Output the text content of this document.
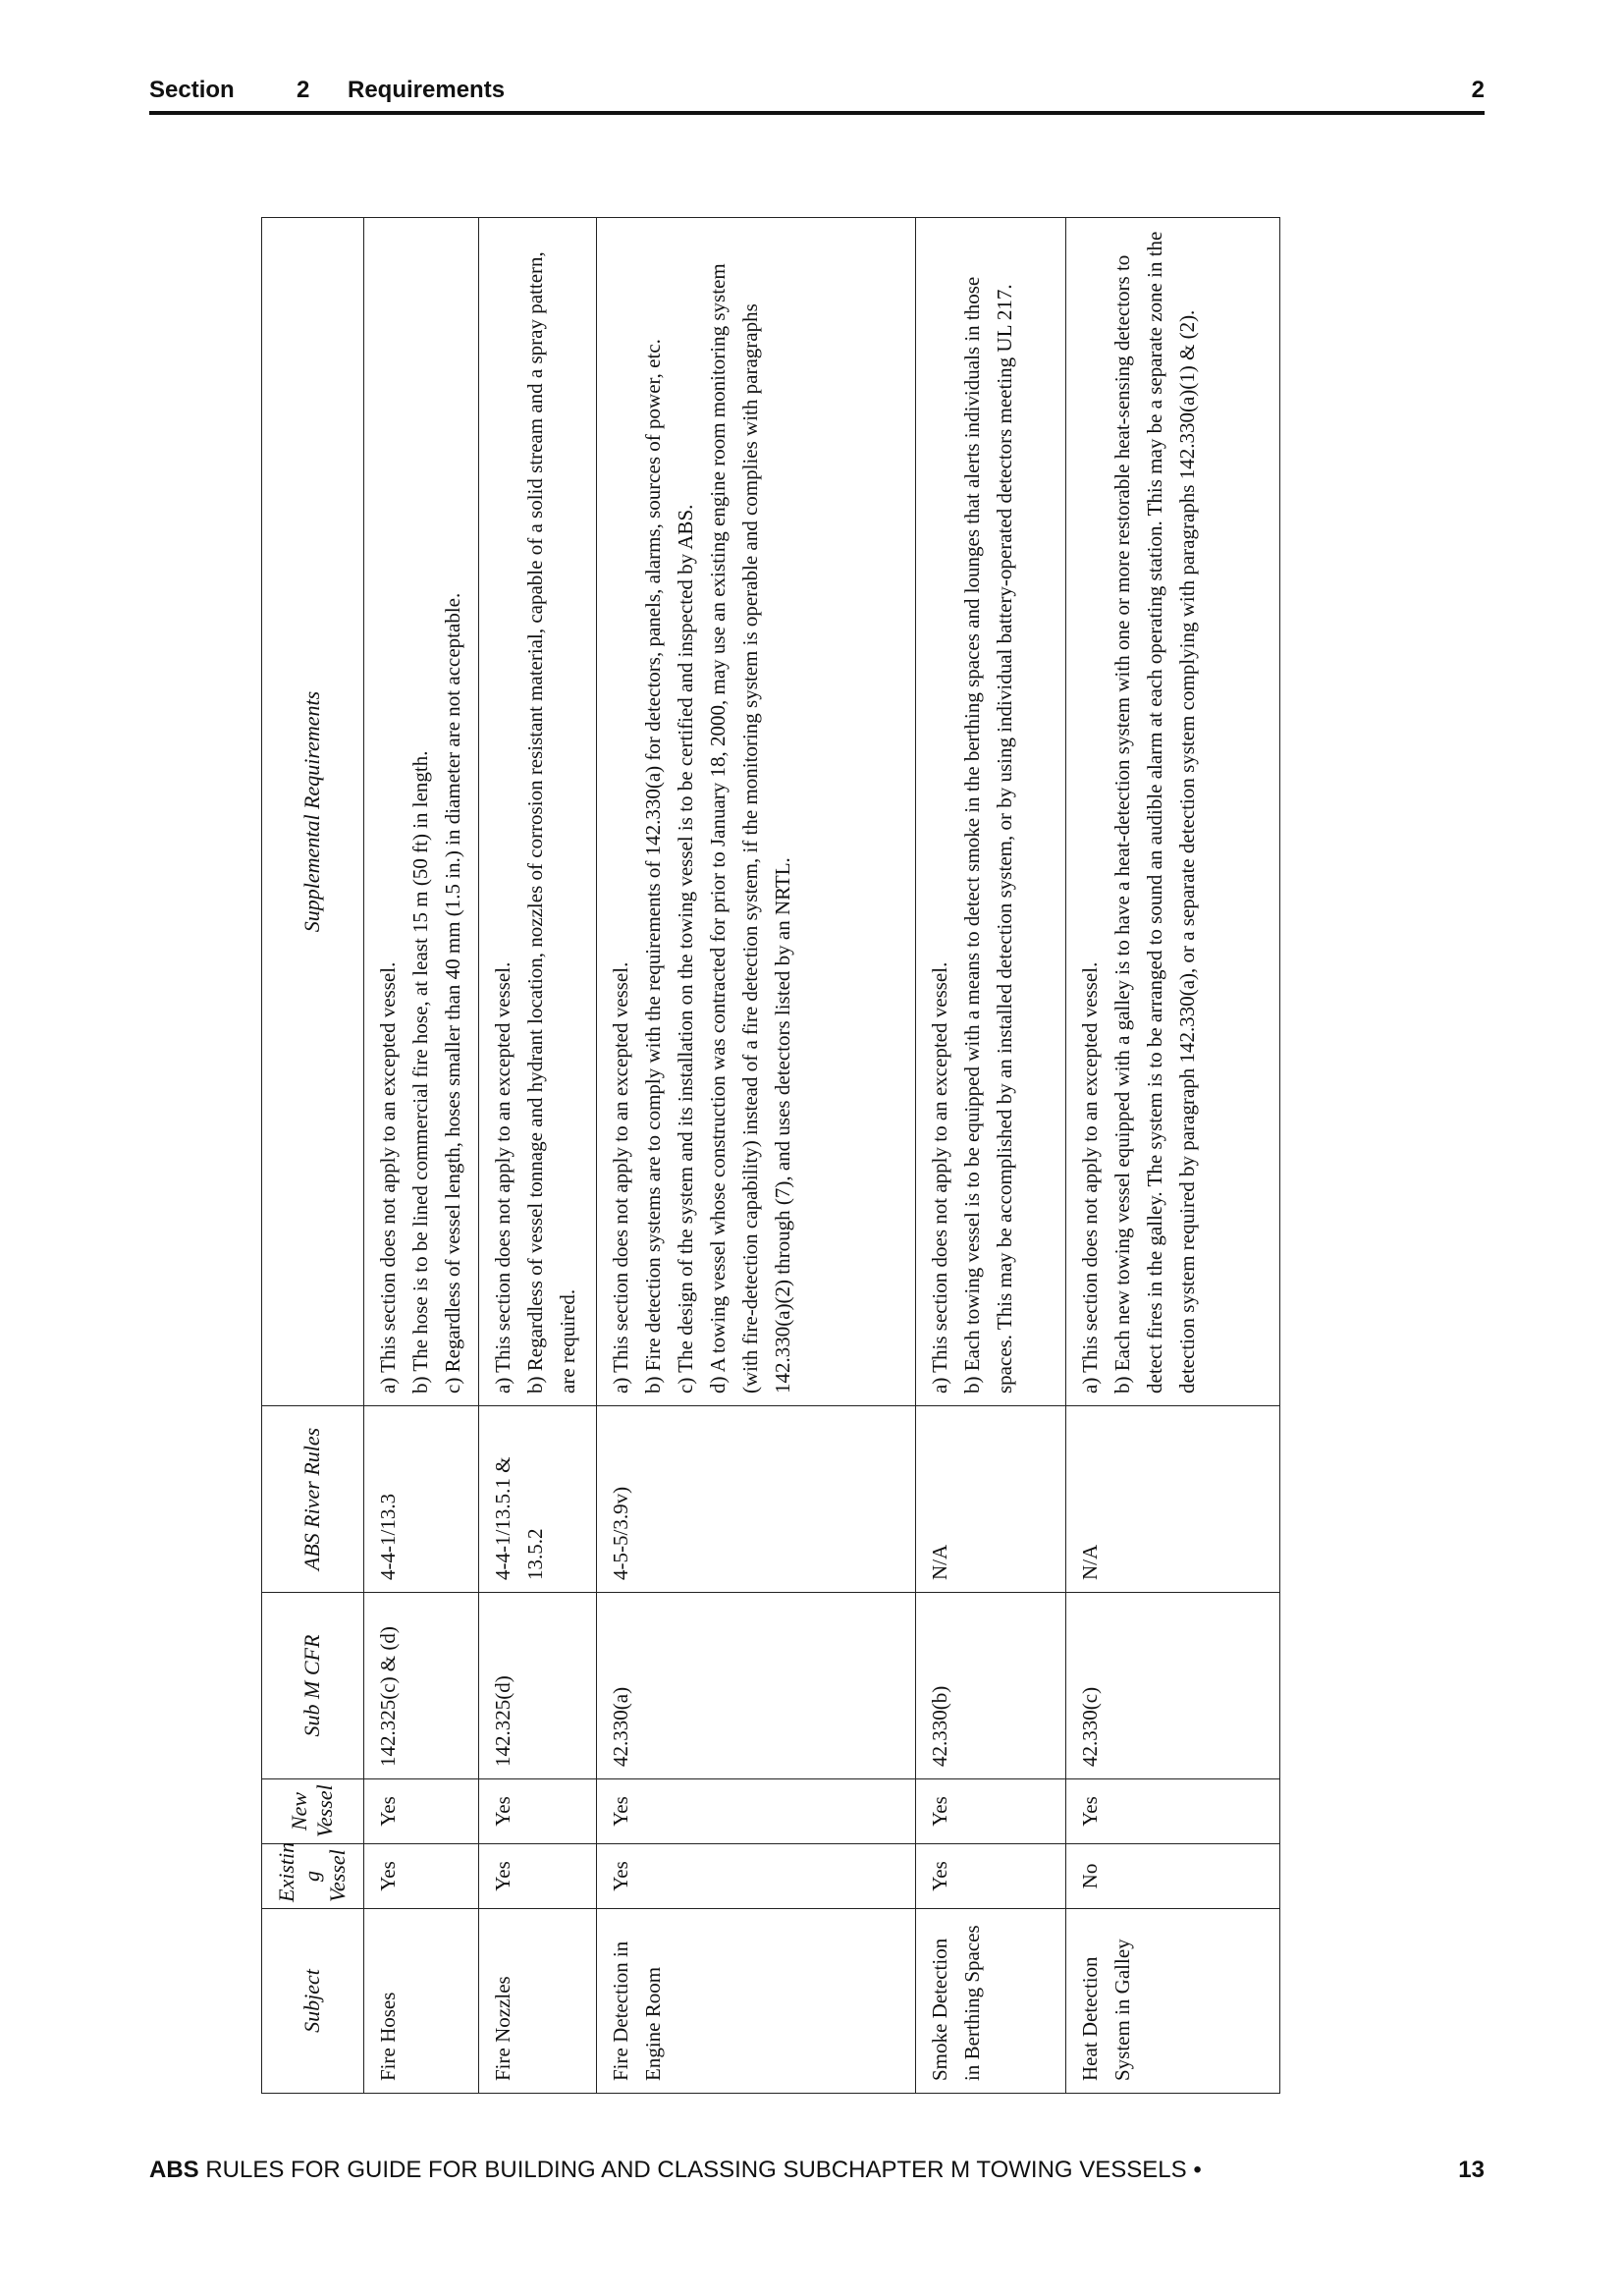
Section	2 Requirements	2
Subject	Existin g Vessel	New Vessel	Sub M CFR	ABS River Rules	Supplemental Requirements
Fire Hoses	Yes	Yes	142.325(c) & (d)	4-4-1/13.3	a) This section does not apply to an excepted vessel. b) The hose is to be lined commercial fire hose, at least 15 m (50 ft) in length. c) Regardless of vessel length, hoses smaller than 40 mm (1.5 in.) in diameter are not acceptable.

Fire Nozzles	Yes	Yes	142.325(d)	4-4-1/13.5.1 & 13.5.2	a) This section does not apply to an excepted vessel. b) Regardless of vessel tonnage and hydrant location, nozzles of corrosion resistant material, capable of a solid stream and a spray pattern, are required.

Fire Detection in Engine Room	Yes	Yes	42.330(a)	4-5-5/3.9v)	a) This section does not apply to an excepted vessel. b) Fire detection systems are to comply with the requirements of 142.330(a) for detectors, panels, alarms, sources of power, etc. c) The design of the system and its installation on the towing vessel is to be certified and inspected by ABS. d) A towing vessel whose construction was contracted for prior to January 18, 2000, may use an existing engine room monitoring system (with fire-detection capability) instead of a fire detection system, if the monitoring system is operable and complies with paragraphs 142.330(a)(2) through (7), and uses detectors listed by an NRTL.

Smoke Detection in Berthing Spaces	Yes	Yes	42.330(b)	N/A	a) This section does not apply to an excepted vessel. b) Each towing vessel is to be equipped with a means to detect smoke in the berthing spaces and lounges that alerts individuals in those spaces. This may be accomplished by an installed detection system, or by using individual battery-operated detectors meeting UL 217.

Heat Detection System in Galley	No	Yes	42.330(c)	N/A	a) This section does not apply to an excepted vessel. b) Each new towing vessel equipped with a galley is to have a heat-detection system with one or more restorable heat-sensing detectors to detect fires in the galley. The system is to be arranged to sound an audible alarm at each operating station. This may be a separate zone in the detection system required by paragraph 142.330(a), or a separate detection system complying with paragraphs 142.330(a)(1) & (2).
ABS RULES FOR GUIDE FOR BUILDING AND CLASSING SUBCHAPTER M TOWING VESSELS •	13
